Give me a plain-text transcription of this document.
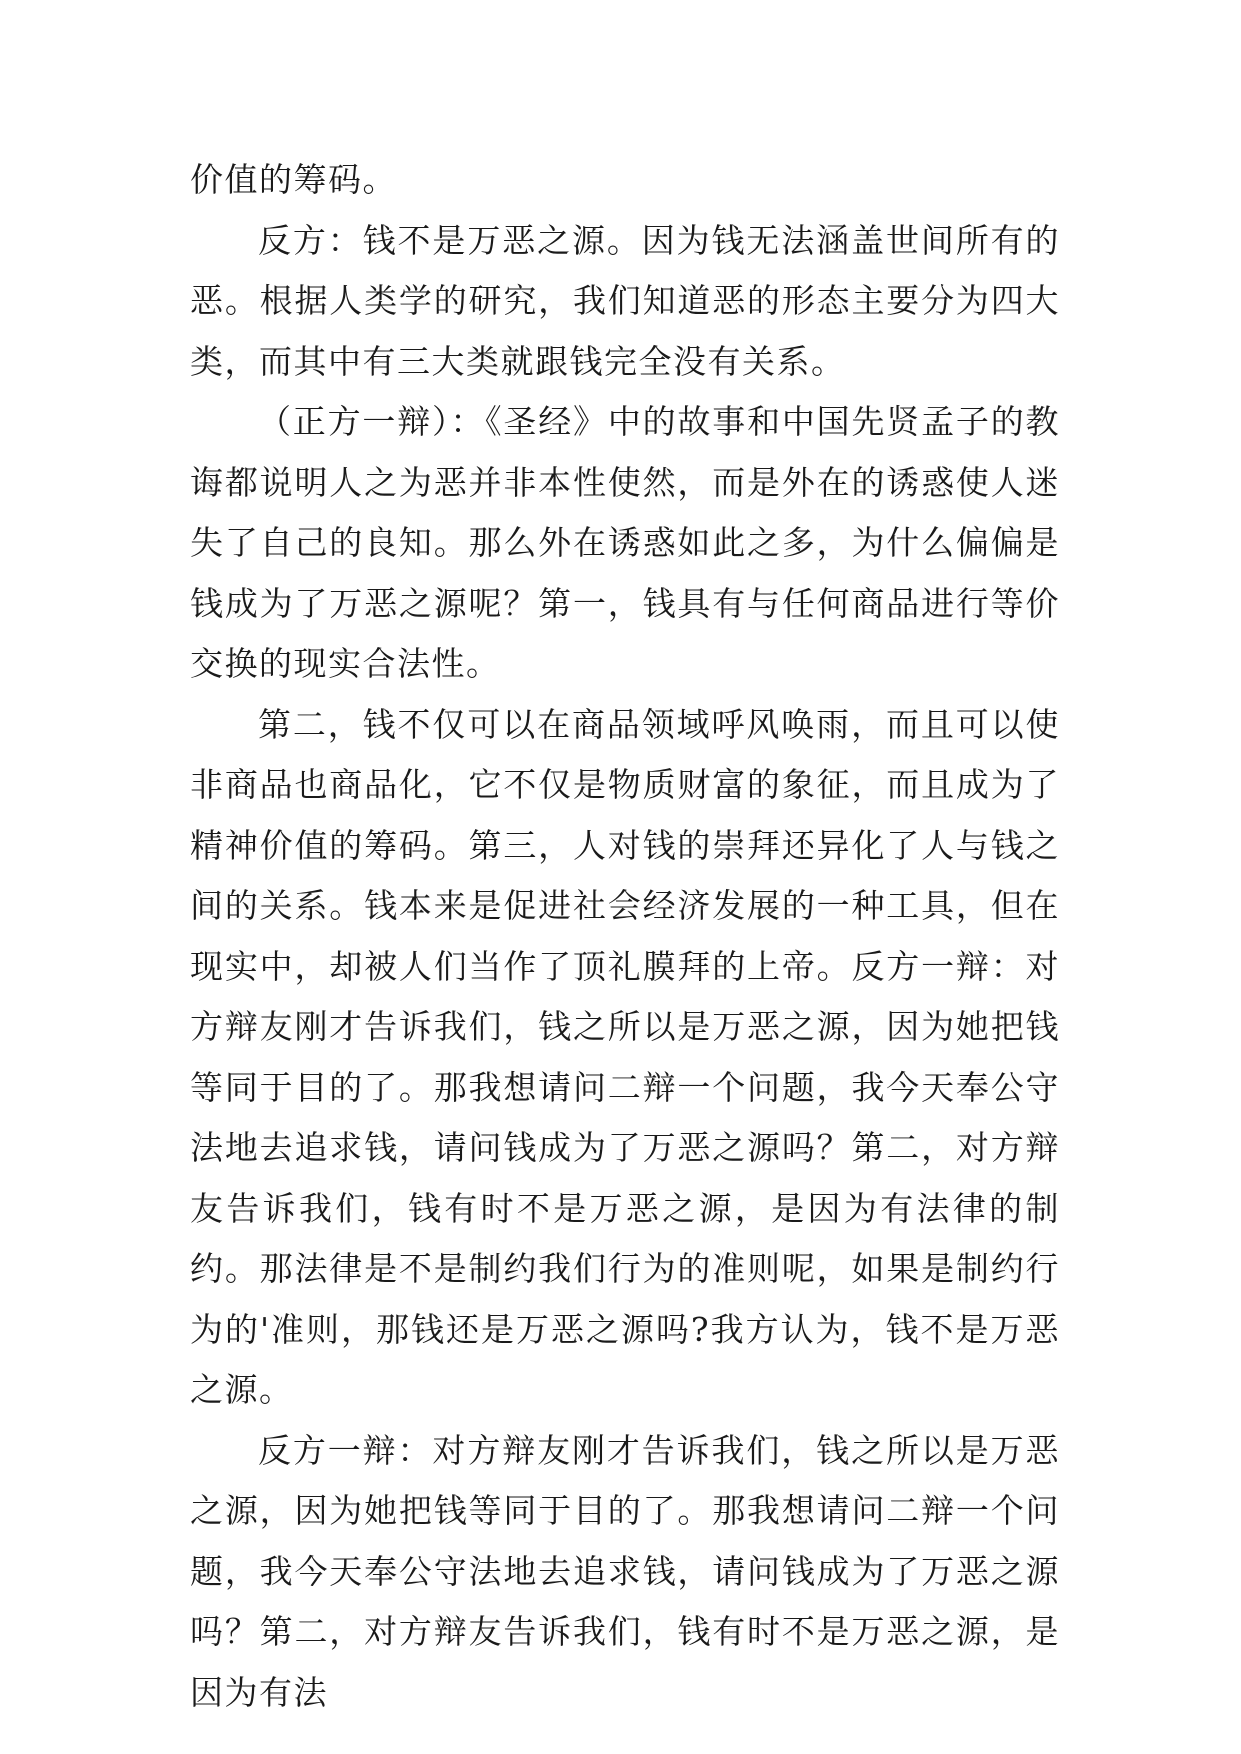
价值的筹码。

反方：钱不是万恶之源。因为钱无法涵盖世间所有的恶。根据人类学的研究，我们知道恶的形态主要分为四大类，而其中有三大类就跟钱完全没有关系。

（正方一辩）：《圣经》中的故事和中国先贤孟子的教诲都说明人之为恶并非本性使然，而是外在的诱惑使人迷失了自己的良知。那么外在诱惑如此之多，为什么偏偏是钱成为了万恶之源呢？第一，钱具有与任何商品进行等价交换的现实合法性。

第二，钱不仅可以在商品领域呼风唤雨，而且可以使非商品也商品化，它不仅是物质财富的象征，而且成为了精神价值的筹码。第三，人对钱的崇拜还异化了人与钱之间的关系。钱本来是促进社会经济发展的一种工具，但在现实中，却被人们当作了顶礼膜拜的上帝。反方一辩：对方辩友刚才告诉我们，钱之所以是万恶之源，因为她把钱等同于目的了。那我想请问二辩一个问题，我今天奉公守法地去追求钱，请问钱成为了万恶之源吗？第二，对方辩友告诉我们，钱有时不是万恶之源，是因为有法律的制约。那法律是不是制约我们行为的准则呢，如果是制约行为的'准则，那钱还是万恶之源吗?我方认为，钱不是万恶之源。

反方一辩：对方辩友刚才告诉我们，钱之所以是万恶之源，因为她把钱等同于目的了。那我想请问二辩一个问题，我今天奉公守法地去追求钱，请问钱成为了万恶之源吗？第二，对方辩友告诉我们，钱有时不是万恶之源，是因为有法
